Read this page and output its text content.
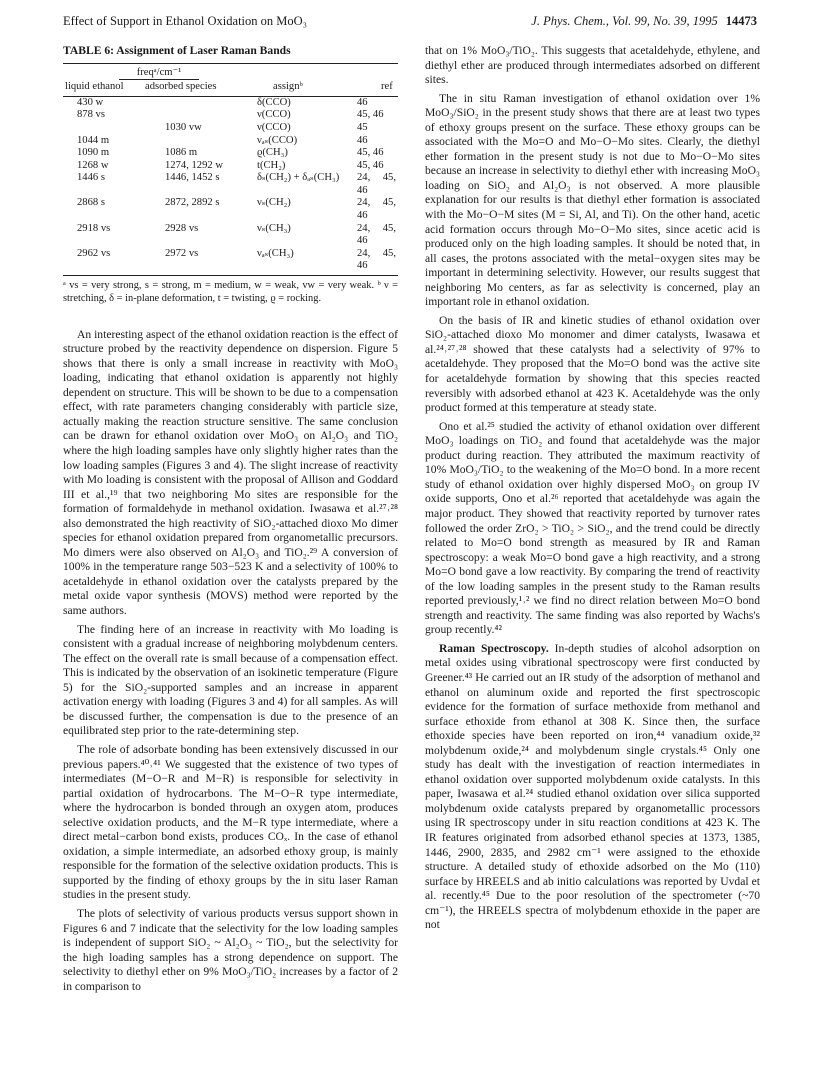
Effect of Support in Ethanol Oxidation on MoO₃	J. Phys. Chem., Vol. 99, No. 39, 1995 14473
TABLE 6: Assignment of Laser Raman Bands
freqᵃ/cm⁻¹			
liquid ethanol	adsorbed species	assignᵇ	ref
430 w		δ(CCO)	46
878 vs		ν(CCO)	45, 46
	1030 vw	ν(CCO)	45
1044 m		νₐₛ(CCO)	46
1090 m	1086 m	ϱ(CH₃)	45, 46
1268 w	1274, 1292 w	t(CH₂)	45, 46
1446 s	1446, 1452 s	δₛ(CH₂) + δₐₛ(CH₃)	24, 45, 46
2868 s	2872, 2892 s	νₛ(CH₂)	24, 45, 46
2918 vs	2928 vs	νₛ(CH₃)	24, 45, 46
2962 vs	2972 vs	νₐₛ(CH₃)	24, 45, 46
ᵃ vs = very strong, s = strong, m = medium, w = weak, vw = very weak. ᵇ ν = stretching, δ = in-plane deformation, t = twisting, ϱ = rocking.

An interesting aspect of the ethanol oxidation reaction is the effect of structure probed by the reactivity dependence on dispersion. Figure 5 shows that there is only a small increase in reactivity with MoO₃ loading, indicating that ethanol oxidation is apparently not highly dependent on structure. This will be shown to be due to a compensation effect, with rate parameters changing considerably with particle size, actually making the reaction structure sensitive. The same conclusion can be drawn for ethanol oxidation over MoO₃ on Al₂O₃ and TiO₂ where the high loading samples have only slightly higher rates than the low loading samples (Figures 3 and 4). The slight increase of reactivity with Mo loading is consistent with the proposal of Allison and Goddard III et al.,¹⁹ that two neighboring Mo sites are responsible for the formation of formaldehyde in methanol oxidation. Iwasawa et al.²⁷˒²⁸ also demonstrated the high reactivity of SiO₂-attached dioxo Mo dimer species for ethanol oxidation prepared from organometallic precursors. Mo dimers were also observed on Al₂O₃ and TiO₂.²⁹ A conversion of 100% in the temperature range 503−523 K and a selectivity of 100% to acetaldehyde in ethanol oxidation over the catalysts prepared by the metal oxide vapor synthesis (MOVS) method were reported by the same authors.

The finding here of an increase in reactivity with Mo loading is consistent with a gradual increase of neighboring molybdenum centers. The effect on the overall rate is small because of a compensation effect. This is indicated by the observation of an isokinetic temperature (Figure 5) for the SiO₂-supported samples and an increase in apparent activation energy with loading (Figures 3 and 4) for all samples. As will be discussed further, the compensation is due to the presence of an equilibrated step prior to the rate-determining step.

The role of adsorbate bonding has been extensively discussed in our previous papers.⁴⁰˒⁴¹ We suggested that the existence of two types of intermediates (M−O−R and M−R) is responsible for selectivity in partial oxidation of hydrocarbons. The M−O−R type intermediate, where the hydrocarbon is bonded through an oxygen atom, produces selective oxidation products, and the M−R type intermediate, where a direct metal−carbon bond exists, produces COₓ. In the case of ethanol oxidation, a simple intermediate, an adsorbed ethoxy group, is mainly responsible for the formation of the selective oxidation products. This is supported by the finding of ethoxy groups by the in situ laser Raman studies in the present study.

The plots of selectivity of various products versus support shown in Figures 6 and 7 indicate that the selectivity for the low loading samples is independent of support SiO₂ ~ Al₂O₃ ~ TiO₂, but the selectivity for the high loading samples has a strong dependence on support. The selectivity to diethyl ether on 9% MoO₃/TiO₂ increases by a factor of 2 in comparison to

that on 1% MoO₃/TiO₂. This suggests that acetaldehyde, ethylene, and diethyl ether are produced through intermediates adsorbed on different sites.

The in situ Raman investigation of ethanol oxidation over 1% MoO₃/SiO₂ in the present study shows that there are at least two types of ethoxy groups present on the surface. These ethoxy groups can be associated with the Mo=O and Mo−O−Mo sites. Clearly, the diethyl ether formation in the present study is not due to Mo−O−Mo sites because an increase in selectivity to diethyl ether with increasing MoO₃ loading on SiO₂ and Al₂O₃ is not observed. A more plausible explanation for our results is that diethyl ether formation is associated with the Mo−O−M sites (M = Si, Al, and Ti). On the other hand, acetic acid formation occurs through Mo−O−Mo sites, since acetic acid is produced only on the high loading samples. It should be noted that, in all cases, the protons associated with the metal−oxygen sites may be important in determining selectivity. However, our results suggest that neighboring Mo centers, as far as selectivity is concerned, play an important role in ethanol oxidation.

On the basis of IR and kinetic studies of ethanol oxidation over SiO₂-attached dioxo Mo monomer and dimer catalysts, Iwasawa et al.²⁴˒²⁷˒²⁸ showed that these catalysts had a selectivity of 97% to acetaldehyde. They proposed that the Mo=O bond was the active site for acetaldehyde formation by showing that this species reacted reversibly with adsorbed ethanol at 423 K. Acetaldehyde was the only product formed at this temperature at steady state.

Ono et al.²⁵ studied the activity of ethanol oxidation over different MoO₃ loadings on TiO₂ and found that acetaldehyde was the major product during reaction. They attributed the maximum reactivity of 10% MoO₃/TiO₂ to the weakening of the Mo=O bond. In a more recent study of ethanol oxidation over highly dispersed MoO₃ on group IV oxide supports, Ono et al.²⁶ reported that acetaldehyde was again the major product. They showed that reactivity reported by turnover rates followed the order ZrO₂ > TiO₂ > SiO₂, and the trend could be directly related to Mo=O bond strength as measured by IR and Raman spectroscopy: a weak Mo=O bond gave a high reactivity, and a strong Mo=O bond gave a low reactivity. By comparing the trend of reactivity of the low loading samples in the present study to the Raman results reported previously,¹˒² we find no direct relation between Mo=O bond strength and reactivity. The same finding was also reported by Wachs's group recently.⁴²

Raman Spectroscopy. In-depth studies of alcohol adsorption on metal oxides using vibrational spectroscopy were first conducted by Greener.⁴³ He carried out an IR study of the adsorption of methanol and ethanol on aluminum oxide and reported the first spectroscopic evidence for the formation of surface methoxide from methanol and surface ethoxide from ethanol at 308 K. Since then, the surface ethoxide species have been reported on iron,⁴⁴ vanadium oxide,³² molybdenum oxide,²⁴ and molybdenum single crystals.⁴⁵ Only one study has dealt with the investigation of reaction intermediates in ethanol oxidation over supported molybdenum oxide catalysts. In this paper, Iwasawa et al.²⁴ studied ethanol oxidation over silica supported molybdenum oxide catalysts prepared by organometallic processors using IR spectroscopy under in situ reaction conditions at 423 K. The IR features originated from adsorbed ethanol species at 1373, 1385, 1446, 2900, 2835, and 2982 cm⁻¹ were assigned to the ethoxide structure. A detailed study of ethoxide adsorbed on the Mo (110) surface by HREELS and ab initio calculations was reported by Uvdal et al. recently.⁴⁵ Due to the poor resolution of the spectrometer (~70 cm⁻¹), the HREELS spectra of molybdenum ethoxide in the paper are not
